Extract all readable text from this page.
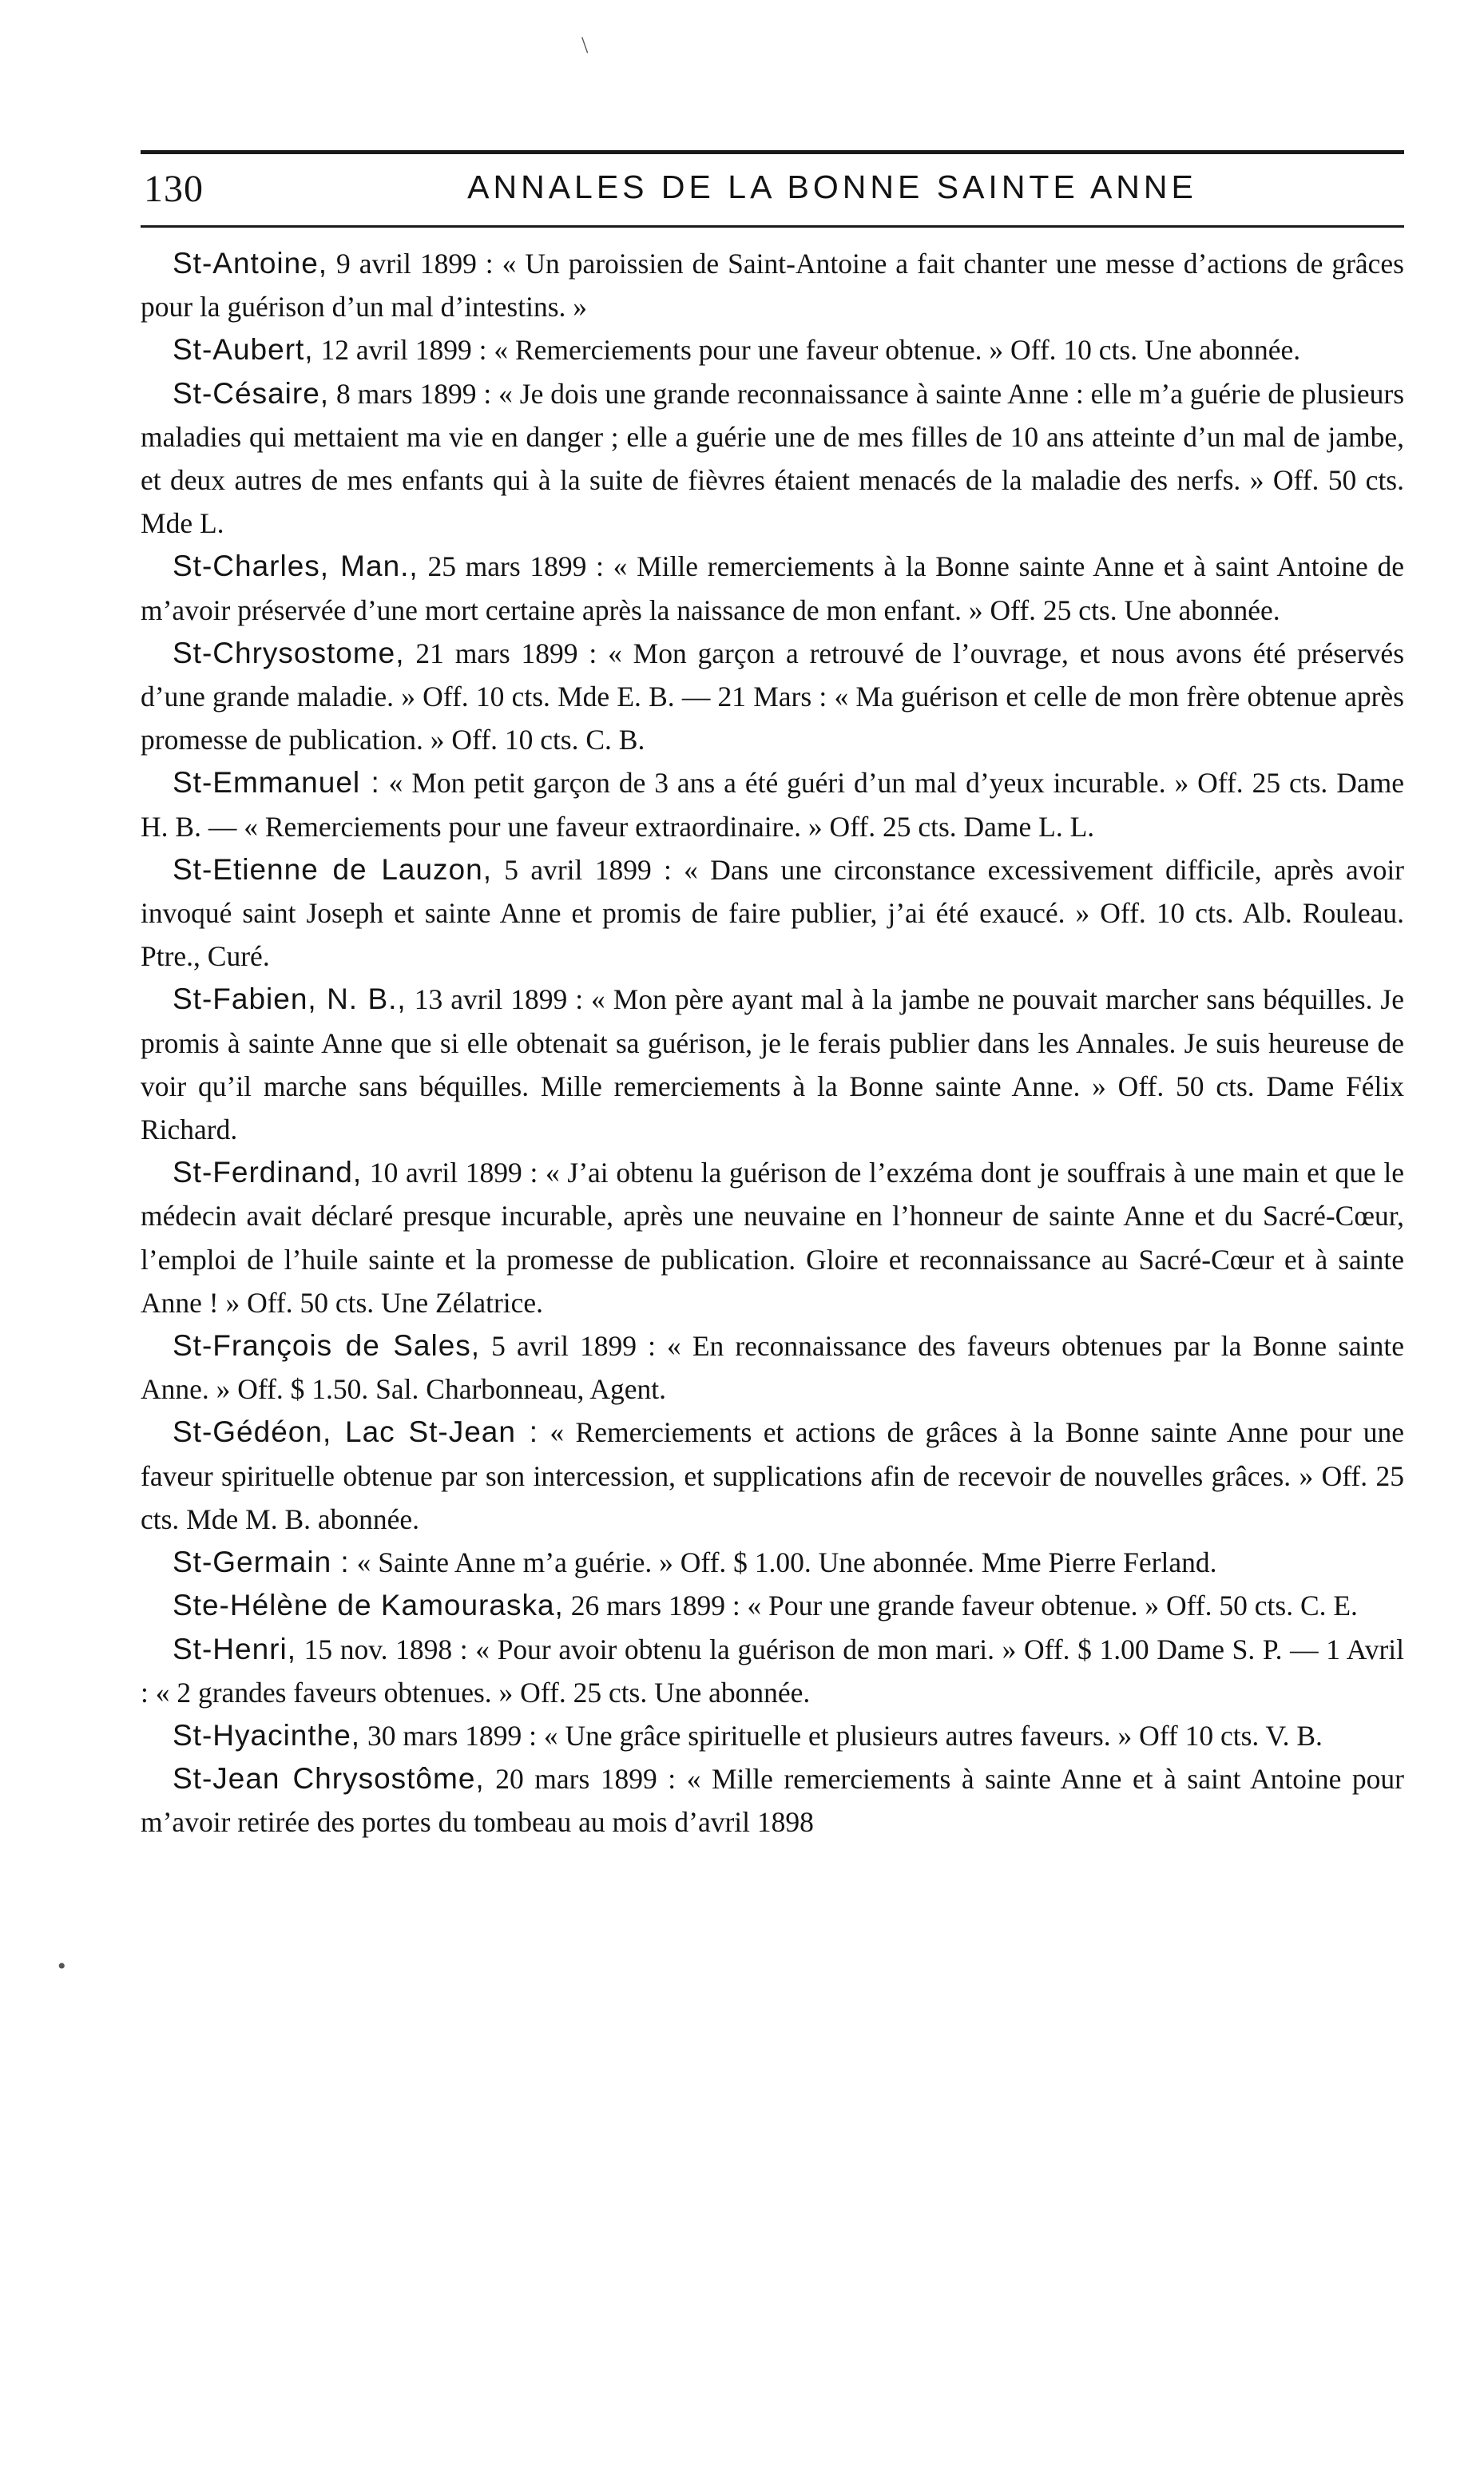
\
•
130	ANNALES DE LA BONNE SAINTE ANNE

St-Antoine, 9 avril 1899 : « Un paroissien de Saint-Antoine a fait chanter une messe d’actions de grâces pour la guérison d’un mal d’intestins. »

St-Aubert, 12 avril 1899 : « Remerciements pour une faveur obtenue. » Off. 10 cts. Une abonnée.

St-Césaire, 8 mars 1899 : « Je dois une grande reconnaissance à sainte Anne : elle m’a guérie de plusieurs maladies qui mettaient ma vie en danger ; elle a guérie une de mes filles de 10 ans atteinte d’un mal de jambe, et deux autres de mes enfants qui à la suite de fièvres étaient menacés de la maladie des nerfs. » Off. 50 cts. Mde L.

St-Charles, Man., 25 mars 1899 : « Mille remerciements à la Bonne sainte Anne et à saint Antoine de m’avoir préservée d’une mort certaine après la naissance de mon enfant. » Off. 25 cts. Une abonnée.

St-Chrysostome, 21 mars 1899 : « Mon garçon a retrouvé de l’ouvrage, et nous avons été préservés d’une grande maladie. » Off. 10 cts. Mde E. B. — 21 Mars : « Ma guérison et celle de mon frère obtenue après promesse de publication. » Off. 10 cts. C. B.

St-Emmanuel : « Mon petit garçon de 3 ans a été guéri d’un mal d’yeux incurable. » Off. 25 cts. Dame H. B. — « Remerciements pour une faveur extraordinaire. » Off. 25 cts. Dame L. L.

St-Etienne de Lauzon, 5 avril 1899 : « Dans une circonstance excessivement difficile, après avoir invoqué saint Joseph et sainte Anne et promis de faire publier, j’ai été exaucé. » Off. 10 cts. Alb. Rouleau. Ptre., Curé.

St-Fabien, N. B., 13 avril 1899 : « Mon père ayant mal à la jambe ne pouvait marcher sans béquilles. Je promis à sainte Anne que si elle obtenait sa guérison, je le ferais publier dans les Annales. Je suis heureuse de voir qu’il marche sans béquilles. Mille remerciements à la Bonne sainte Anne. » Off. 50 cts. Dame Félix Richard.

St-Ferdinand, 10 avril 1899 : « J’ai obtenu la guérison de l’exzéma dont je souffrais à une main et que le médecin avait déclaré presque incurable, après une neuvaine en l’honneur de sainte Anne et du Sacré-Cœur, l’emploi de l’huile sainte et la promesse de publication. Gloire et reconnaissance au Sacré-Cœur et à sainte Anne ! » Off. 50 cts. Une Zélatrice.

St-François de Sales, 5 avril 1899 : « En reconnaissance des faveurs obtenues par la Bonne sainte Anne. » Off. $ 1.50. Sal. Charbonneau, Agent.

St-Gédéon, Lac St-Jean : « Remerciements et actions de grâces à la Bonne sainte Anne pour une faveur spirituelle obtenue par son intercession, et supplications afin de recevoir de nouvelles grâces. » Off. 25 cts. Mde M. B. abonnée.

St-Germain : « Sainte Anne m’a guérie. » Off. $ 1.00. Une abonnée. Mme Pierre Ferland.

Ste-Hélène de Kamouraska, 26 mars 1899 : « Pour une grande faveur obtenue. » Off. 50 cts. C. E.

St-Henri, 15 nov. 1898 : « Pour avoir obtenu la guérison de mon mari. » Off. $ 1.00 Dame S. P. — 1 Avril : « 2 grandes faveurs obtenues. » Off. 25 cts. Une abonnée.

St-Hyacinthe, 30 mars 1899 : « Une grâce spirituelle et plusieurs autres faveurs. » Off 10 cts. V. B.

St-Jean Chrysostôme, 20 mars 1899 : « Mille remerciements à sainte Anne et à saint Antoine pour m’avoir retirée des portes du tombeau au mois d’avril 1898
